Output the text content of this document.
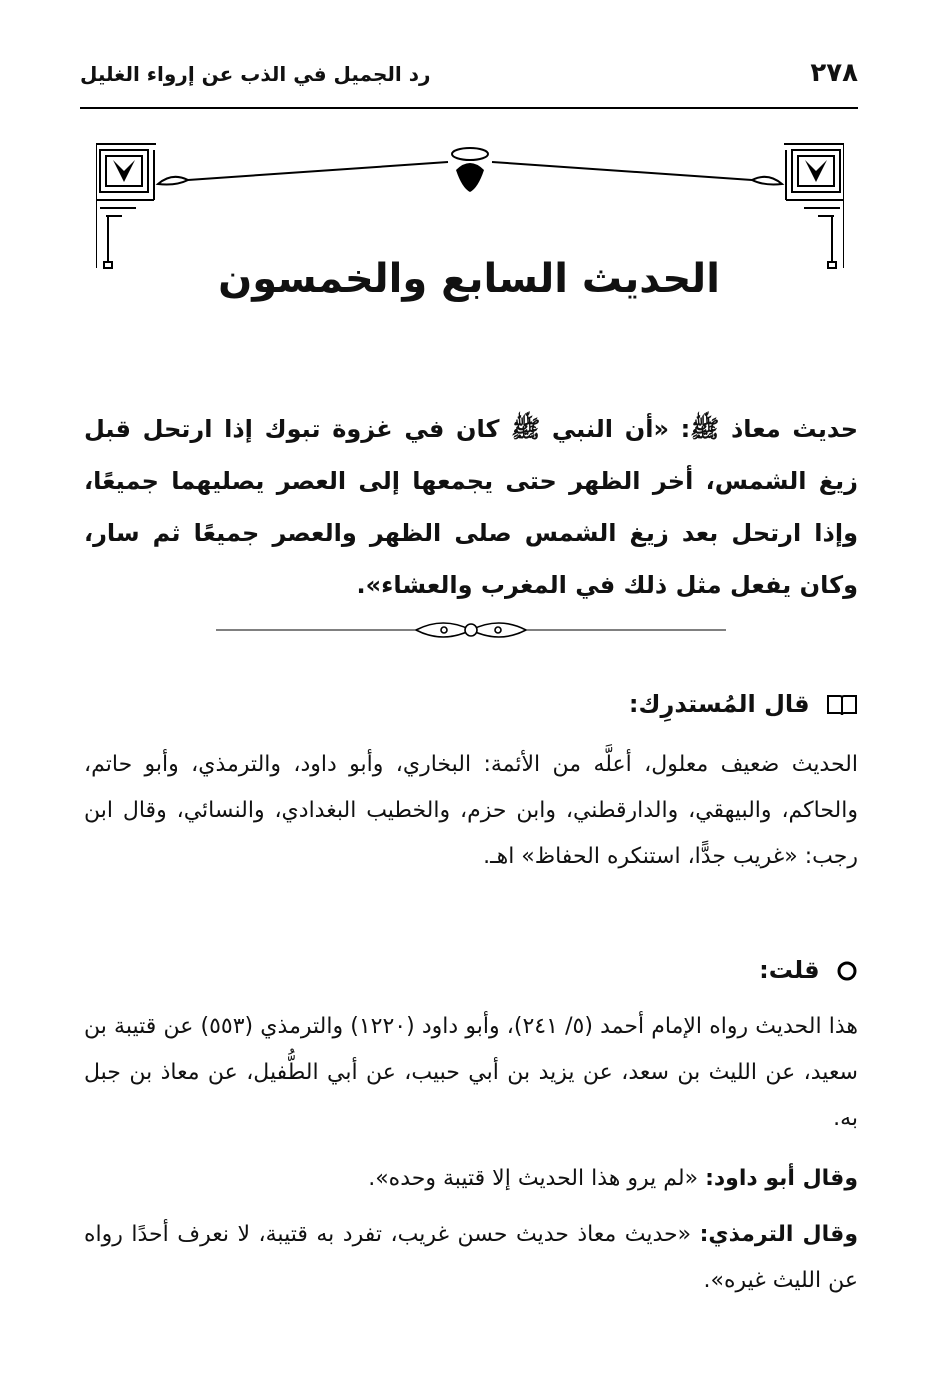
٢٧٨
رد الجميل في الذب عن إرواء الغليل
الحديث السابع والخمسون

حديث معاذ ﷺ: «أن النبي ﷺ كان في غزوة تبوك إذا ارتحل قبل زيغ الشمس، أخر الظهر حتى يجمعها إلى العصر يصليهما جميعًا، وإذا ارتحل بعد زيغ الشمس صلى الظهر والعصر جميعًا ثم سار، وكان يفعل مثل ذلك في المغرب والعشاء».

قال المُستدرِك:

الحديث ضعيف معلول، أعلَّه من الأئمة: البخاري، وأبو داود، والترمذي، وأبو حاتم، والحاكم، والبيهقي، والدارقطني، وابن حزم، والخطيب البغدادي، والنسائي، وقال ابن رجب: «غريب جدًّا، استنكره الحفاظ» اهـ.

قلت:

هذا الحديث رواه الإمام أحمد (٥/ ٢٤١)، وأبو داود (١٢٢٠) والترمذي (٥٥٣) عن قتيبة بن سعيد، عن الليث بن سعد، عن يزيد بن أبي حبيب، عن أبي الطُّفيل، عن معاذ بن جبل به.

وقال أبو داود: «لم يرو هذا الحديث إلا قتيبة وحده».

وقال الترمذي: «حديث معاذ حديث حسن غريب، تفرد به قتيبة، لا نعرف أحدًا رواه عن الليث غيره».
